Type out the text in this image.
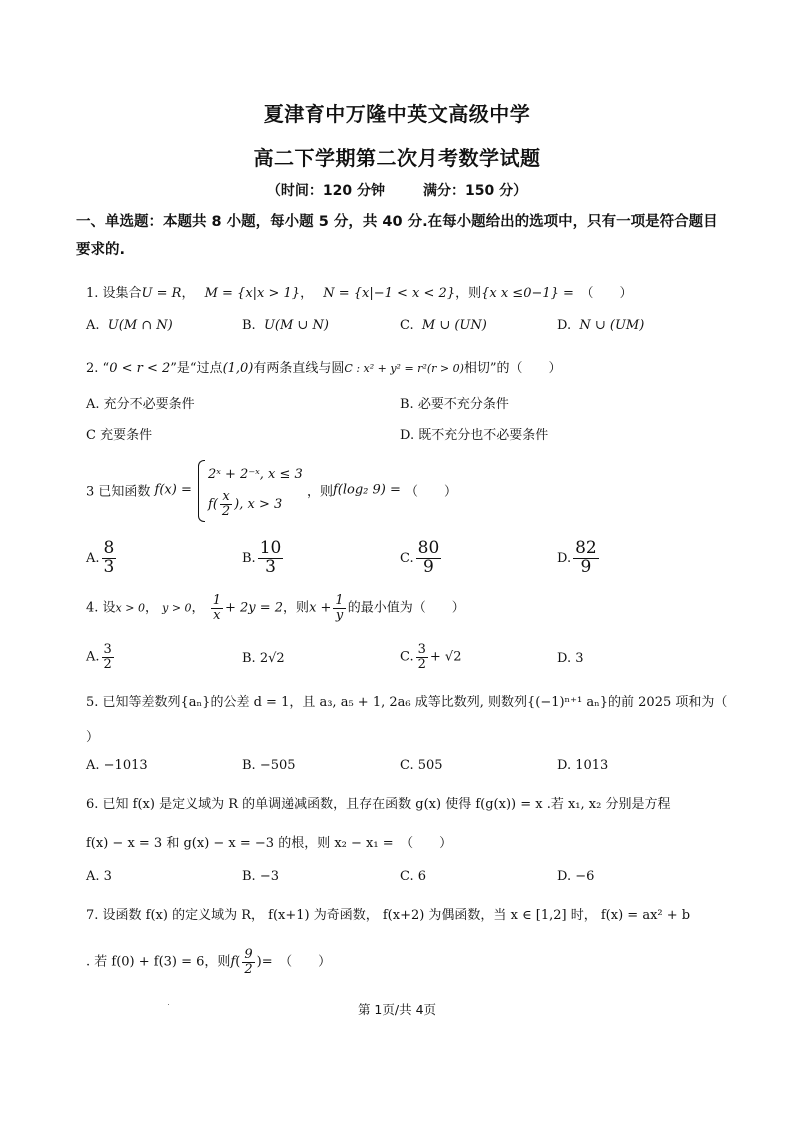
夏津育中万隆中英文高级中学
高二下学期第二次月考数学试题
（时间：120 分钟	满分：150 分）
一、单选题：本题共 8 小题，每小题 5 分，共 40 分.在每小题给出的选项中，只有一项是符合题目要求的.
1. 设集合U = R， M = {x|x > 1}， N = {x|−1 < x < 2}，则{x x ≤0−1} =　（　　）
A. U(M ∩ N)	B. U(M ∪ N)	C. M ∪ (UN)	D. N ∪ (UM)
2. “0 < r < 2”是“过点(1,0)有两条直线与圆C : x² + y² = r²(r > 0)相切”的（　　）
A. 充分不必要条件	B. 必要不充分条件
C 充要条件	D. 既不充分也不必要条件
3 已知函数 f(x) =
2ˣ + 2⁻ˣ, x ≤ 3
$f( \frac{x}{2}$ ), x > 3
，则f(log₂ 9) = （　　）
A. $\frac{8}{3}$	B. $\frac{10}{3}$	C. $\frac{80}{9}$	D. $\frac{82}{9}$
4. 设x > 0， y > 0， $\frac{1}{x} + 2y = 2$，则$x + \frac{1}{y}$ 的最小值为（　　）
A. $\frac{3}{2}$	B. 2√2	C. $\frac{3}{2} + √2$	D. 3
5. 已知等差数列{aₙ}的公差 d = 1，且 a₃, a₅ + 1, 2a₆ 成等比数列, 则数列{(−1)ⁿ⁺¹ aₙ}的前 2025 项和为（
）
A. −1013	B. −505	C. 505	D. 1013
6. 已知 f(x) 是定义域为 R 的单调递减函数，且存在函数 g(x) 使得 f(g(x)) = x .若 x₁, x₂ 分别是方程
f(x) − x = 3 和 g(x) − x = −3 的根，则 x₂ − x₁ =　（　　）
A. 3	B. −3	C. 6	D. −6
7. 设函数 f(x) 的定义域为 R， f(x+1) 为奇函数， f(x+2) 为偶函数，当 x ∈ [1,2] 时， f(x) = ax² + b
. 若 f(0) + f(3) = 6，则$f( \frac{9}{2}$ )=　（　　）
第 1页/共 4页
